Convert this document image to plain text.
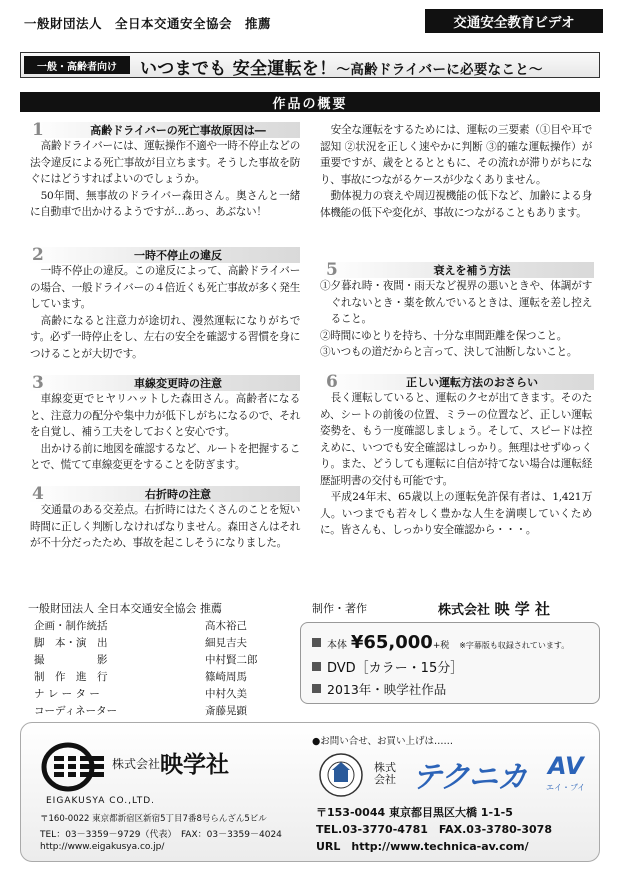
一般財団法人　全日本交通安全協会　推薦	交通安全教育ビデオ
一般・高齢者向け	いつまでも 安全運転を！～高齢ドライバーに必要なこと～
作品の概要
1	高齢ドライバーの死亡事故原因は―

高齢ドライバーには、運転操作不適や一時不停止などの法令違反による死亡事故が目立ちます。そうした事故を防ぐにはどうすればよいのでしょうか。

50年間、無事故のドライバー森田さん。奥さんと一緒に自動車で出かけるようですが…あっ、あぶない！

2	一時不停止の違反

一時不停止の違反。この違反によって、高齢ドライバーの場合、一般ドライバーの４倍近くも死亡事故が多く発生しています。

高齢になると注意力が途切れ、漫然運転になりがちです。必ず一時停止をし、左右の安全を確認する習慣を身につけることが大切です。

3	車線変更時の注意

車線変更でヒヤリハットした森田さん。高齢者になると、注意力の配分や集中力が低下しがちになるので、それを自覚し、補う工夫をしておくと安心です。

出かける前に地図を確認するなど、ルートを把握することで、慌てて車線変更をすることを防ぎます。

4	右折時の注意

交通量のある交差点。右折時にはたくさんのことを短い時間に正しく判断しなければなりません。森田さんはそれが不十分だったため、事故を起こしそうになりました。

安全な運転をするためには、運転の三要素（①目や耳で認知 ②状況を正しく速やかに判断 ③的確な運転操作）が重要ですが、歳をとるとともに、その流れが滞りがちになり、事故につながるケースが少なくありません。

動体視力の衰えや周辺視機能の低下など、加齢による身体機能の低下や変化が、事故につながることもあります。

5	衰えを補う方法

①夕暮れ時・夜間・雨天など視界の悪いときや、体調がすぐれないとき・薬を飲んでいるときは、運転を差し控えること。

②時間にゆとりを持ち、十分な車間距離を保つこと。

③いつもの道だからと言って、決して油断しないこと。

6	正しい運転方法のおさらい

長く運転していると、運転のクセが出てきます。そのため、シートの前後の位置、ミラーの位置など、正しい運転姿勢を、もう一度確認しましょう。そして、スピードは控えめに、いつでも安全確認はしっかり。無理はせずゆっくり。また、どうしても運転に自信が持てない場合は運転経歴証明書の交付も可能です。

平成24年末、65歳以上の運転免許保有者は、1,421万人。いつまでも若々しく豊かな人生を満喫していくために。皆さんも、しっかり安全確認から・・・。

一般財団法人 全日本交通安全協会 推薦	制作・著作	株式会社 映 学 社
企画・制作統括	高木裕己
脚　本・演　出	細見吉夫
撮　　　　　影	中村賢二郎
制　作　進　行	篠崎周馬
ナ レ ー タ ー	中村久美
コーディネーター	斎藤晃顕
本体 ¥65,000+税 ※字幕版も収録されています。
DVD［カラー・15分］
2013年・映学社作品
株式会社 映学社
EIGAKUSYA CO.,LTD.
〒160-0022 東京都新宿区新宿5丁目7番8号らんざん5ビル
TEL：03－3359－9729（代表）　FAX：03－3359－4024
http://www.eigakusya.co.jp/
●お問い合せ、お買い上げは……
株式会社 テクニカ AV
エイ・ブイ
〒153-0044 東京都目黒区大橋 1-1-5
TEL.03-3770-4781　FAX.03-3780-3078
URL　http://www.technica-av.com/
